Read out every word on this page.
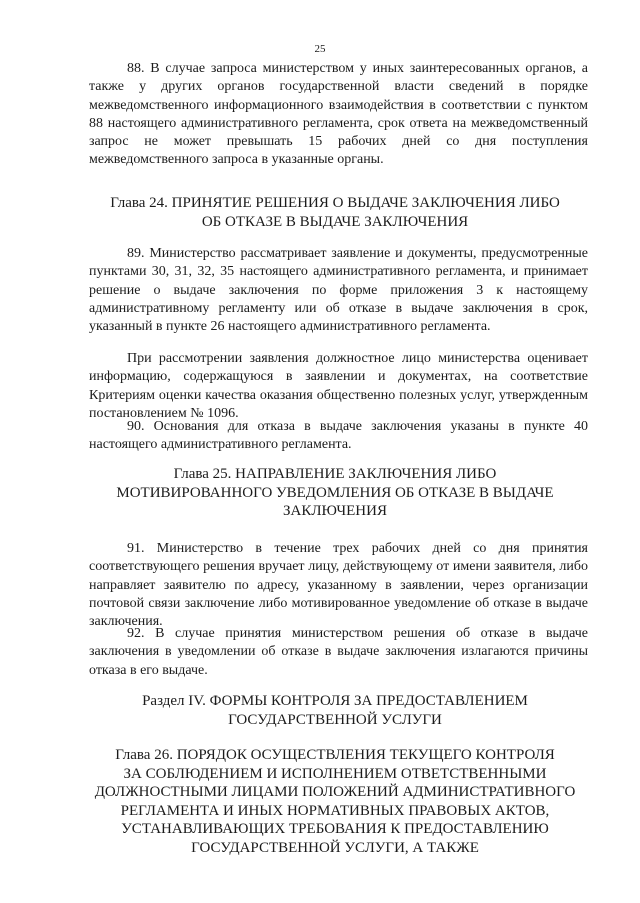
25

88. В случае запроса министерством у иных заинтересованных органов, а также у других органов государственной власти сведений в порядке межведомственного информационного взаимодействия в соответствии с пунктом 88 настоящего административного регламента, срок ответа на межведомственный запрос не может превышать 15 рабочих дней со дня поступления межведомственного запроса в указанные органы.

Глава 24. ПРИНЯТИЕ РЕШЕНИЯ О ВЫДАЧЕ ЗАКЛЮЧЕНИЯ ЛИБО
ОБ ОТКАЗЕ В ВЫДАЧЕ ЗАКЛЮЧЕНИЯ

89. Министерство рассматривает заявление и документы, предусмотренные пунктами 30, 31, 32, 35 настоящего административного регламента, и принимает решение о выдаче заключения по форме приложения 3 к настоящему административному регламенту или об отказе в выдаче заключения в срок, указанный в пункте 26 настоящего административного регламента.

При рассмотрении заявления должностное лицо министерства оценивает информацию, содержащуюся в заявлении и документах, на соответствие Критериям оценки качества оказания общественно полезных услуг, утвержденным постановлением № 1096.

90. Основания для отказа в выдаче заключения указаны в пункте 40 настоящего административного регламента.

Глава 25. НАПРАВЛЕНИЕ ЗАКЛЮЧЕНИЯ ЛИБО
МОТИВИРОВАННОГО УВЕДОМЛЕНИЯ ОБ ОТКАЗЕ В ВЫДАЧЕ
ЗАКЛЮЧЕНИЯ

91. Министерство в течение трех рабочих дней со дня принятия соответствующего решения вручает лицу, действующему от имени заявителя, либо направляет заявителю по адресу, указанному в заявлении, через организации почтовой связи заключение либо мотивированное уведомление об отказе в выдаче заключения.

92. В случае принятия министерством решения об отказе в выдаче заключения в уведомлении об отказе в выдаче заключения излагаются причины отказа в его выдаче.

Раздел IV. ФОРМЫ КОНТРОЛЯ ЗА ПРЕДОСТАВЛЕНИЕМ
ГОСУДАРСТВЕННОЙ УСЛУГИ
Глава 26. ПОРЯДОК ОСУЩЕСТВЛЕНИЯ ТЕКУЩЕГО КОНТРОЛЯ
ЗА СОБЛЮДЕНИЕМ И ИСПОЛНЕНИЕМ ОТВЕТСТВЕННЫМИ
ДОЛЖНОСТНЫМИ ЛИЦАМИ ПОЛОЖЕНИЙ АДМИНИСТРАТИВНОГО
РЕГЛАМЕНТА И ИНЫХ НОРМАТИВНЫХ ПРАВОВЫХ АКТОВ,
УСТАНАВЛИВАЮЩИХ ТРЕБОВАНИЯ К ПРЕДОСТАВЛЕНИЮ
ГОСУДАРСТВЕННОЙ УСЛУГИ, А ТАКЖЕ
